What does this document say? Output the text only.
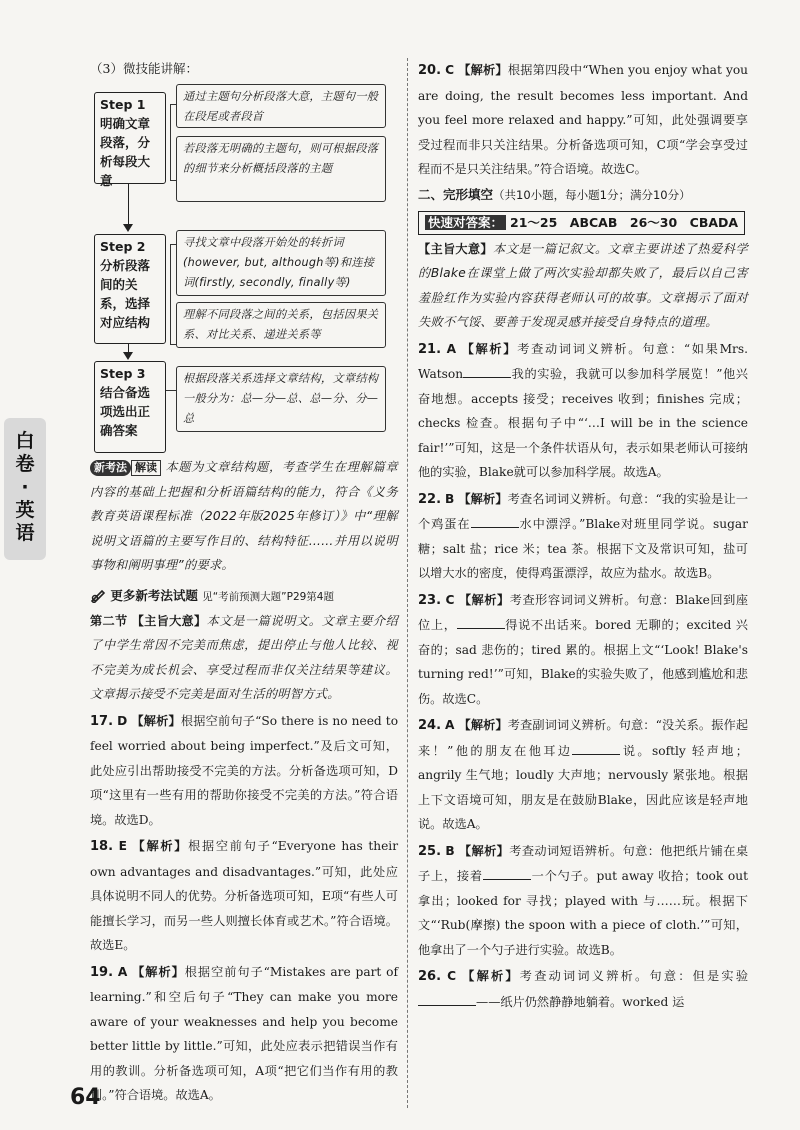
白卷·英语

（3）微技能讲解：

Step 1 明确文章段落，分析每段大意
通过主题句分析段落大意，主题句一般在段尾或者段首
若段落无明确的主题句，则可根据段落的细节来分析概括段落的主题
Step 2 分析段落间的关系，选择对应结构
寻找文章中段落开始处的转折词(however, but, although等)和连接词(firstly, secondly, finally等)
理解不同段落之间的关系，包括因果关系、对比关系、递进关系等
Step 3 结合备选项选出正确答案
根据段落关系选择文章结构，文章结构一般分为：总—分—总、总—分、分—总

新考法 解读 本题为文章结构题，考查学生在理解篇章内容的基础上把握和分析语篇结构的能力，符合《义务教育英语课程标准（2022年版2025年修订）》中“理解说明文语篇的主要写作目的、结构特征……并用以说明事物和阐明事理”的要求。

更多新考法试题 见“考前预测大题”P29第4题

第二节 【主旨大意】本文是一篇说明文。文章主要介绍了中学生常因不完美而焦虑，提出停止与他人比较、视不完美为成长机会、享受过程而非仅关注结果等建议。文章揭示接受不完美是面对生活的明智方式。

17. D 【解析】根据空前句子“So there is no need to feel worried about being imperfect.”及后文可知，此处应引出帮助接受不完美的方法。分析备选项可知，D项“这里有一些有用的帮助你接受不完美的方法。”符合语境。故选D。

18. E 【解析】根据空前句子“Everyone has their own advantages and disadvantages.”可知，此处应具体说明不同人的优势。分析备选项可知，E项“有些人可能擅长学习，而另一些人则擅长体育或艺术。”符合语境。故选E。

19. A 【解析】根据空前句子“Mistakes are part of learning.”和空后句子“They can make you more aware of your weaknesses and help you become better little by little.”可知，此处应表示把错误当作有用的教训。分析备选项可知，A项“把它们当作有用的教训。”符合语境。故选A。

20. C 【解析】根据第四段中“When you enjoy what you are doing, the result becomes less important. And you feel more relaxed and happy.”可知，此处强调要享受过程而非只关注结果。分析备选项可知，C项“学会享受过程而不是只关注结果。”符合语境。故选C。

二、完形填空（共10小题，每小题1分；满分10分）
快速对答案： 21～25　ABCAB　26～30　CBADA

【主旨大意】本文是一篇记叙文。文章主要讲述了热爱科学的Blake在课堂上做了两次实验却都失败了，最后以自己害羞脸红作为实验内容获得老师认可的故事。文章揭示了面对失败不气馁、要善于发现灵感并接受自身特点的道理。

21. A 【解析】考查动词词义辨析。句意：“如果Mrs. Watson	我的实验，我就可以参加科学展览！”他兴奋地想。accepts 接受；receives 收到；finishes 完成；checks 检查。根据句子中“‘…I will be in the science fair!’”可知，这是一个条件状语从句，表示如果老师认可接纳他的实验，Blake就可以参加科学展。故选A。

22. B 【解析】考查名词词义辨析。句意：“我的实验是让一个鸡蛋在	水中漂浮。”Blake对班里同学说。sugar 糖；salt 盐；rice 米；tea 茶。根据下文及常识可知，盐可以增大水的密度，使得鸡蛋漂浮，故应为盐水。故选B。

23. C 【解析】考查形容词词义辨析。句意：Blake回到座位上，	得说不出话来。bored 无聊的；excited 兴奋的；sad 悲伤的；tired 累的。根据上文“‘Look! Blake's turning red!’”可知，Blake的实验失败了，他感到尴尬和悲伤。故选C。

24. A 【解析】考查副词词义辨析。句意：“没关系。振作起来！”他的朋友在他耳边	说。softly 轻声地；angrily 生气地；loudly 大声地；nervously 紧张地。根据上下文语境可知，朋友是在鼓励Blake，因此应该是轻声地说。故选A。

25. B 【解析】考查动词短语辨析。句意：他把纸片铺在桌子上，接着	一个勺子。put away 收拾；took out 拿出；looked for 寻找；played with 与……玩。根据下文“‘Rub(摩擦) the spoon with a piece of cloth.’”可知，他拿出了一个勺子进行实验。故选B。

26. C 【解析】考查动词词义辨析。句意：但是实验——纸片仍然静静地躺着。worked 运

64
